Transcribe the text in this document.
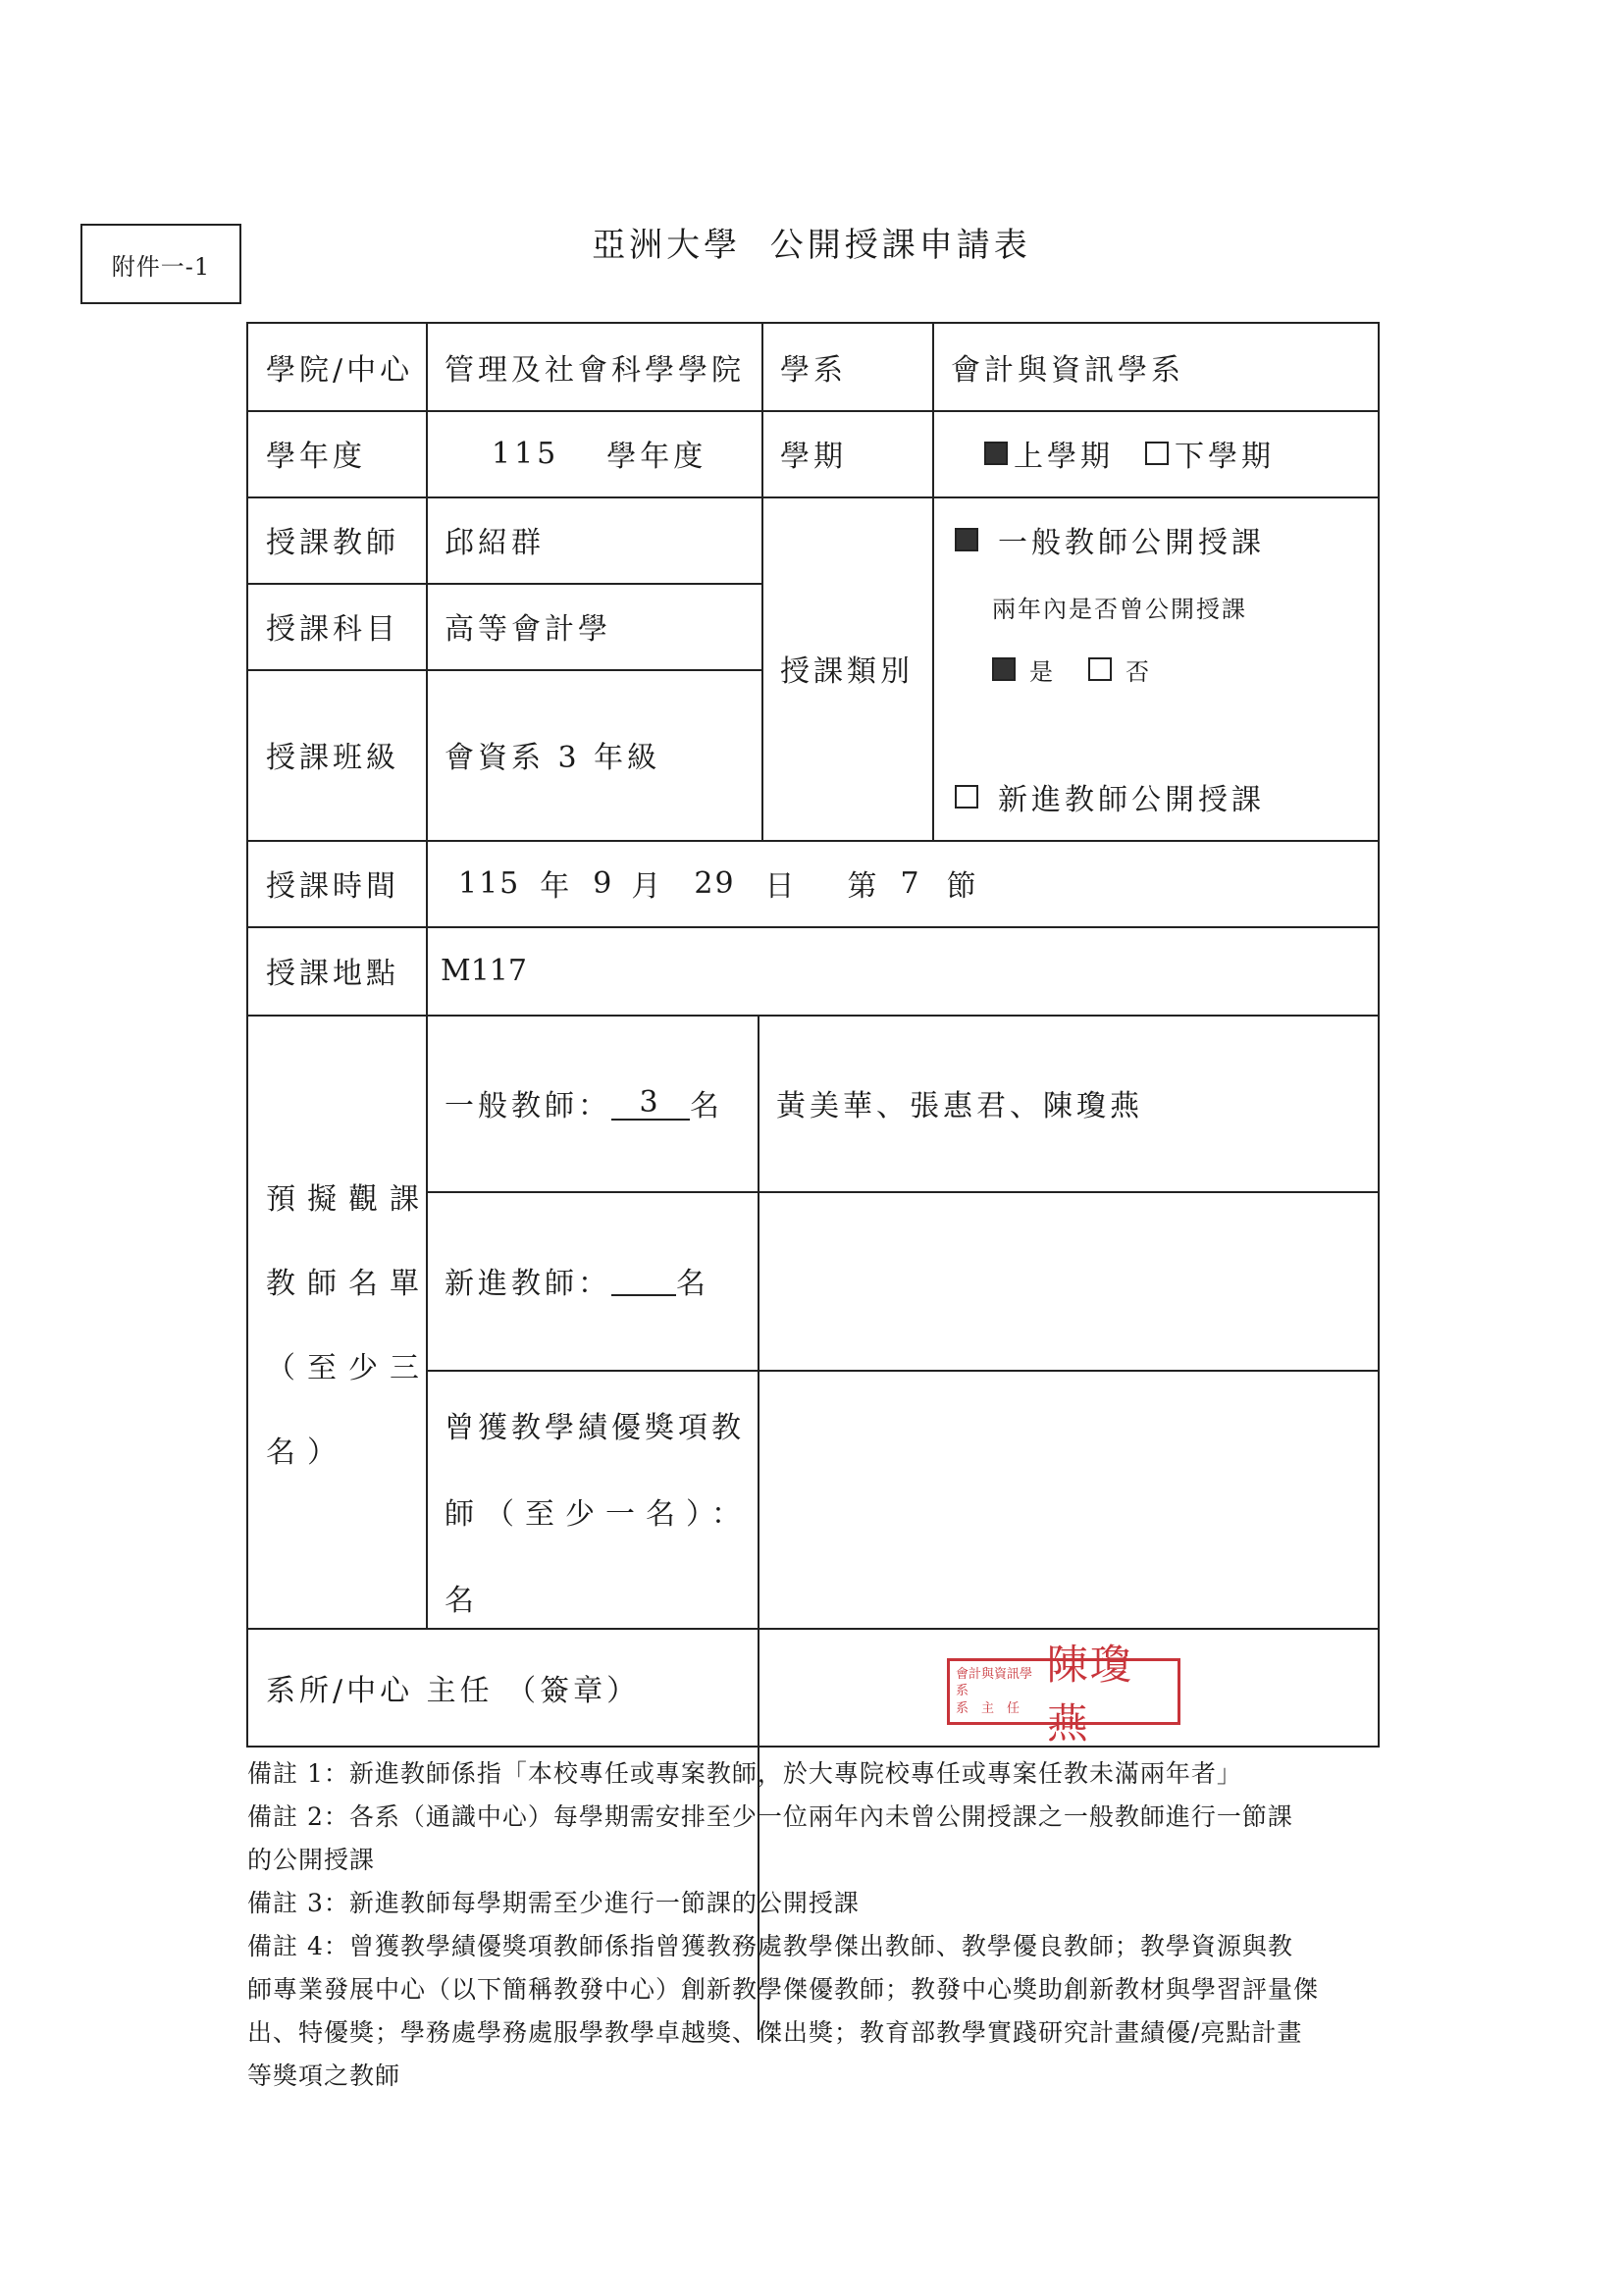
附件一-1
亞洲大學  公開授課申請表
學院/中心 管理及社會科學學院 學系	會計與資訊學系
學年度	115 學年度 學期	上學期 下學期
授課教師 邱紹群
授課科目 高等會計學
授課班級 會資系 3 年級
授課類別
一般教師公開授課
兩年內是否曾公開授課
是	否
新進教師公開授課
授課時間 115 年 9 月 29 日 第 7 節
授課地點 M117
預擬觀課
教師名單
（至少三
名）
一般教師： 3 名 黃美華、張惠君、陳瓊燕
新進教師： 名
曾獲教學績優獎項教
師（至少一名）：
名
系所/中心 主任 （簽章）	會計與資訊學系
系　主　任
陳瓊燕

備註 1：新進教師係指「本校專任或專案教師，於大專院校專任或專案任教未滿兩年者」

備註 2：各系（通識中心）每學期需安排至少一位兩年內未曾公開授課之一般教師進行一節課

的公開授課

備註 3：新進教師每學期需至少進行一節課的公開授課

備註 4：曾獲教學績優獎項教師係指曾獲教務處教學傑出教師、教學優良教師；教學資源與教

師專業發展中心（以下簡稱教發中心）創新教學傑優教師；教發中心獎助創新教材與學習評量傑

出、特優獎；學務處學務處服學教學卓越獎、傑出獎；教育部教學實踐研究計畫績優/亮點計畫

等獎項之教師
